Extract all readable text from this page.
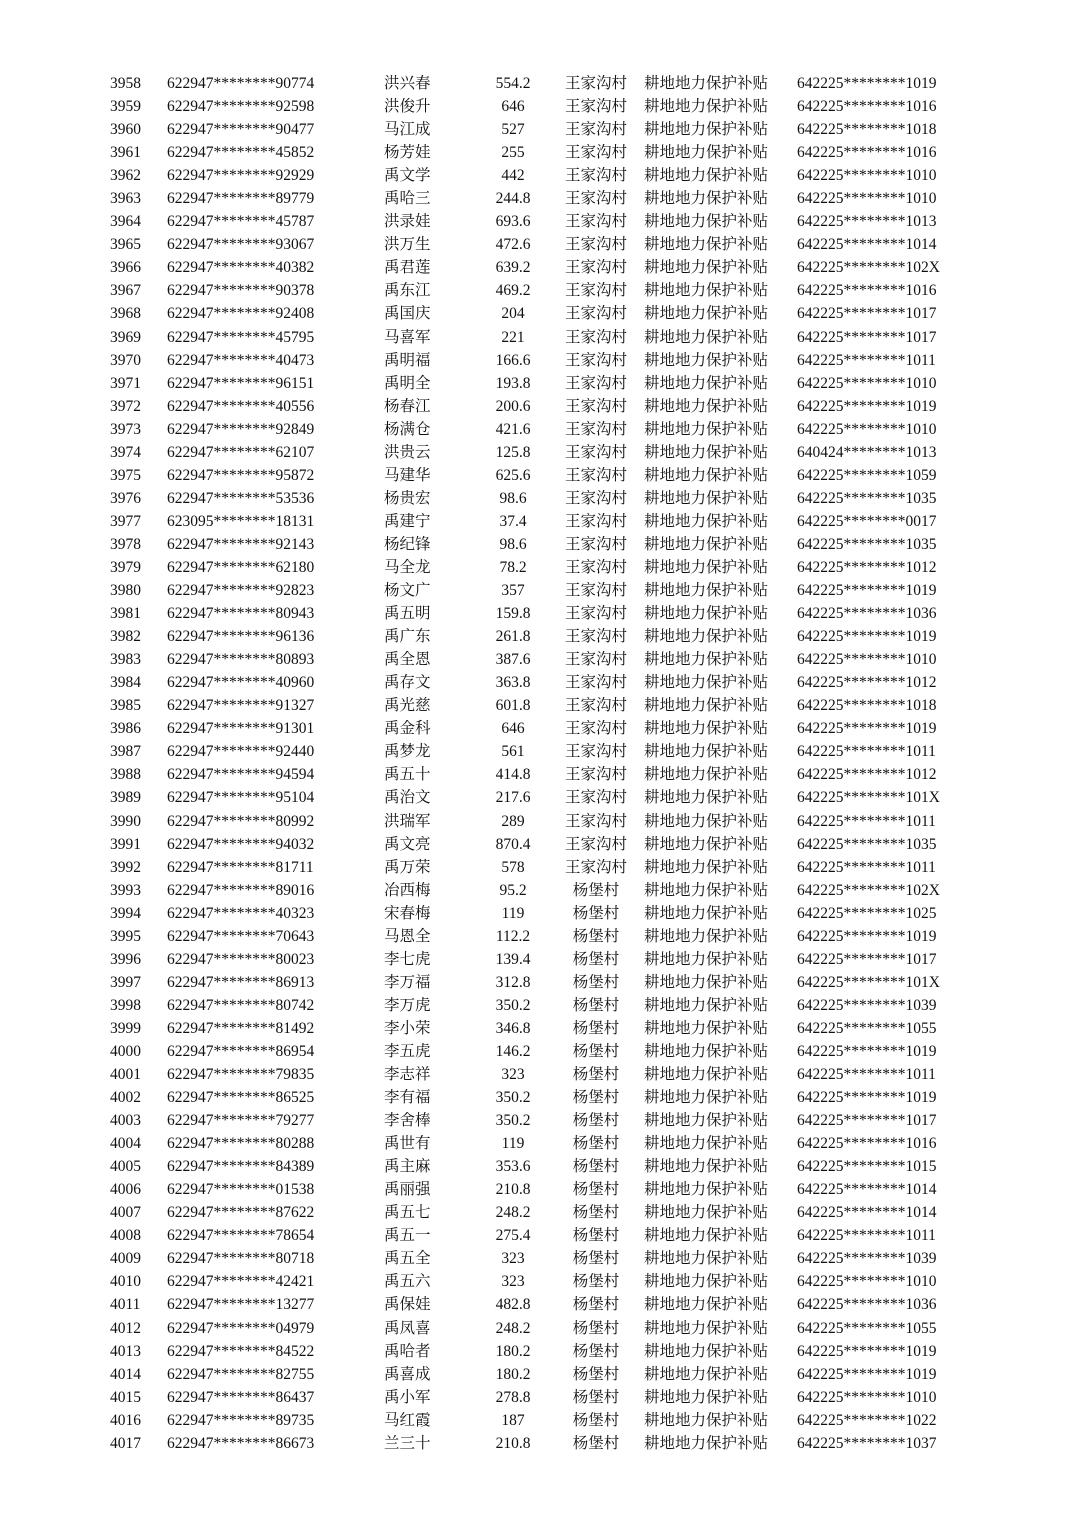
3958 622947********90774	洪兴春	554.2	王家沟村	耕地地力保护补贴 642225********1019
3959 622947********92598	洪俊升	646	王家沟村	耕地地力保护补贴 642225********1016
3960 622947********90477	马江成	527	王家沟村	耕地地力保护补贴 642225********1018
3961 622947********45852	杨芳娃	255	王家沟村	耕地地力保护补贴 642225********1016
3962 622947********92929	禹文学	442	王家沟村	耕地地力保护补贴 642225********1010
3963 622947********89779	禹哈三	244.8	王家沟村	耕地地力保护补贴 642225********1010
3964 622947********45787	洪录娃	693.6	王家沟村	耕地地力保护补贴 642225********1013
3965 622947********93067	洪万生	472.6	王家沟村	耕地地力保护补贴 642225********1014
3966 622947********40382	禹君莲	639.2	王家沟村	耕地地力保护补贴 642225********102X
3967 622947********90378	禹东江	469.2	王家沟村	耕地地力保护补贴 642225********1016
3968 622947********92408	禹国庆	204	王家沟村	耕地地力保护补贴 642225********1017
3969 622947********45795	马喜军	221	王家沟村	耕地地力保护补贴 642225********1017
3970 622947********40473	禹明福	166.6	王家沟村	耕地地力保护补贴 642225********1011
3971 622947********96151	禹明全	193.8	王家沟村	耕地地力保护补贴 642225********1010
3972 622947********40556	杨春江	200.6	王家沟村	耕地地力保护补贴 642225********1019
3973 622947********92849	杨满仓	421.6	王家沟村	耕地地力保护补贴 642225********1010
3974 622947********62107	洪贵云	125.8	王家沟村	耕地地力保护补贴 640424********1013
3975 622947********95872	马建华	625.6	王家沟村	耕地地力保护补贴 642225********1059
3976 622947********53536	杨贵宏	98.6	王家沟村	耕地地力保护补贴 642225********1035
3977 623095********18131	禹建宁	37.4	王家沟村	耕地地力保护补贴 642225********0017
3978 622947********92143	杨纪锋	98.6	王家沟村	耕地地力保护补贴 642225********1035
3979 622947********62180	马全龙	78.2	王家沟村	耕地地力保护补贴 642225********1012
3980 622947********92823	杨文广	357	王家沟村	耕地地力保护补贴 642225********1019
3981 622947********80943	禹五明	159.8	王家沟村	耕地地力保护补贴 642225********1036
3982 622947********96136	禹广东	261.8	王家沟村	耕地地力保护补贴 642225********1019
3983 622947********80893	禹全恩	387.6	王家沟村	耕地地力保护补贴 642225********1010
3984 622947********40960	禹存文	363.8	王家沟村	耕地地力保护补贴 642225********1012
3985 622947********91327	禹光慈	601.8	王家沟村	耕地地力保护补贴 642225********1018
3986 622947********91301	禹金科	646	王家沟村	耕地地力保护补贴 642225********1019
3987 622947********92440	禹梦龙	561	王家沟村	耕地地力保护补贴 642225********1011
3988 622947********94594	禹五十	414.8	王家沟村	耕地地力保护补贴 642225********1012
3989 622947********95104	禹治文	217.6	王家沟村	耕地地力保护补贴 642225********101X
3990 622947********80992	洪瑞军	289	王家沟村	耕地地力保护补贴 642225********1011
3991 622947********94032	禹文亮	870.4	王家沟村	耕地地力保护补贴 642225********1035
3992 622947********81711	禹万荣	578	王家沟村	耕地地力保护补贴 642225********1011
3993 622947********89016	冶西梅	95.2	杨堡村	耕地地力保护补贴 642225********102X
3994 622947********40323	宋春梅	119	杨堡村	耕地地力保护补贴 642225********1025
3995 622947********70643	马恩全	112.2	杨堡村	耕地地力保护补贴 642225********1019
3996 622947********80023	李七虎	139.4	杨堡村	耕地地力保护补贴 642225********1017
3997 622947********86913	李万福	312.8	杨堡村	耕地地力保护补贴 642225********101X
3998 622947********80742	李万虎	350.2	杨堡村	耕地地力保护补贴 642225********1039
3999 622947********81492	李小荣	346.8	杨堡村	耕地地力保护补贴 642225********1055
4000 622947********86954	李五虎	146.2	杨堡村	耕地地力保护补贴 642225********1019
4001 622947********79835	李志祥	323	杨堡村	耕地地力保护补贴 642225********1011
4002 622947********86525	李有福	350.2	杨堡村	耕地地力保护补贴 642225********1019
4003 622947********79277	李舍棒	350.2	杨堡村	耕地地力保护补贴 642225********1017
4004 622947********80288	禹世有	119	杨堡村	耕地地力保护补贴 642225********1016
4005 622947********84389	禹主麻	353.6	杨堡村	耕地地力保护补贴 642225********1015
4006 622947********01538	禹丽强	210.8	杨堡村	耕地地力保护补贴 642225********1014
4007 622947********87622	禹五七	248.2	杨堡村	耕地地力保护补贴 642225********1014
4008 622947********78654	禹五一	275.4	杨堡村	耕地地力保护补贴 642225********1011
4009 622947********80718	禹五全	323	杨堡村	耕地地力保护补贴 642225********1039
4010 622947********42421	禹五六	323	杨堡村	耕地地力保护补贴 642225********1010
4011 622947********13277	禹保娃	482.8	杨堡村	耕地地力保护补贴 642225********1036
4012 622947********04979	禹凤喜	248.2	杨堡村	耕地地力保护补贴 642225********1055
4013 622947********84522	禹哈者	180.2	杨堡村	耕地地力保护补贴 642225********1019
4014 622947********82755	禹喜成	180.2	杨堡村	耕地地力保护补贴 642225********1019
4015 622947********86437	禹小军	278.8	杨堡村	耕地地力保护补贴 642225********1010
4016 622947********89735	马红霞	187	杨堡村	耕地地力保护补贴 642225********1022
4017 622947********86673	兰三十	210.8	杨堡村	耕地地力保护补贴 642225********1037
